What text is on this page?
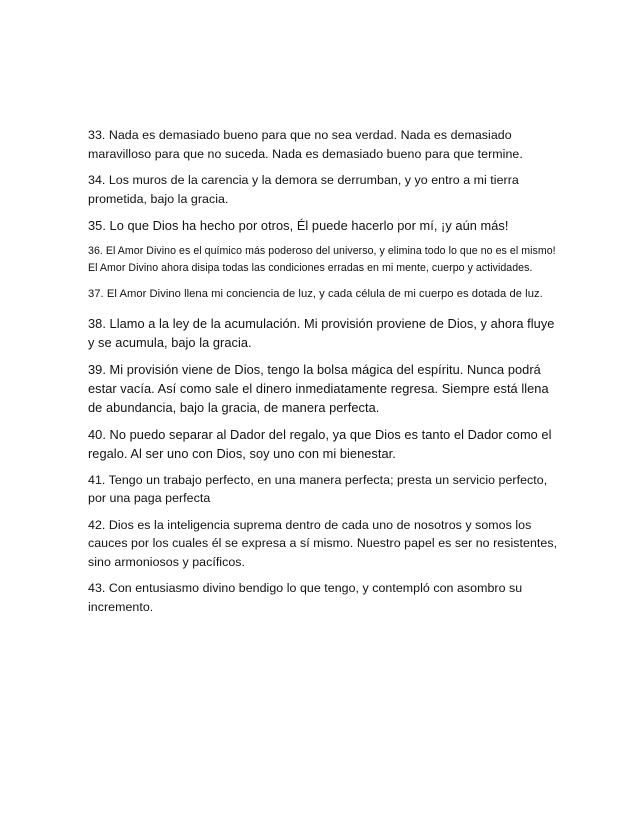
33. Nada es demasiado bueno para que no sea verdad. Nada es demasiado maravilloso para que no suceda. Nada es demasiado bueno para que termine.

34. Los muros de la carencia y la demora se derrumban, y yo entro a mi tierra prometida, bajo la gracia.

35. Lo que Dios ha hecho por otros, Él puede hacerlo por mí, ¡y aún más!

36. El Amor Divino es el químico más poderoso del universo, y elimina todo lo que no es el mismo! El Amor Divino ahora disipa todas las condiciones erradas en mi mente, cuerpo y actividades.

37. El Amor Divino llena mi conciencia de luz, y cada célula de mi cuerpo es dotada de luz.

38. Llamo a la ley de la acumulación. Mi provisión proviene de Dios, y ahora fluye y se acumula, bajo la gracia.

39. Mi provisión viene de Dios, tengo la bolsa mágica del espíritu. Nunca podrá estar vacía. Así como sale el dinero inmediatamente regresa. Siempre está llena de abundancia, bajo la gracia, de manera perfecta.

40. No puedo separar al Dador del regalo, ya que Dios es tanto el Dador como el regalo. Al ser uno con Dios, soy uno con mi bienestar.

41. Tengo un trabajo perfecto, en una manera perfecta; presta un servicio perfecto, por una paga perfecta

42. Dios es la inteligencia suprema dentro de cada uno de nosotros y somos los cauces por los cuales él se expresa a sí mismo. Nuestro papel es ser no resistentes, sino armoniosos y pacíficos.

43. Con entusiasmo divino bendigo lo que tengo, y contempló con asombro su incremento.
